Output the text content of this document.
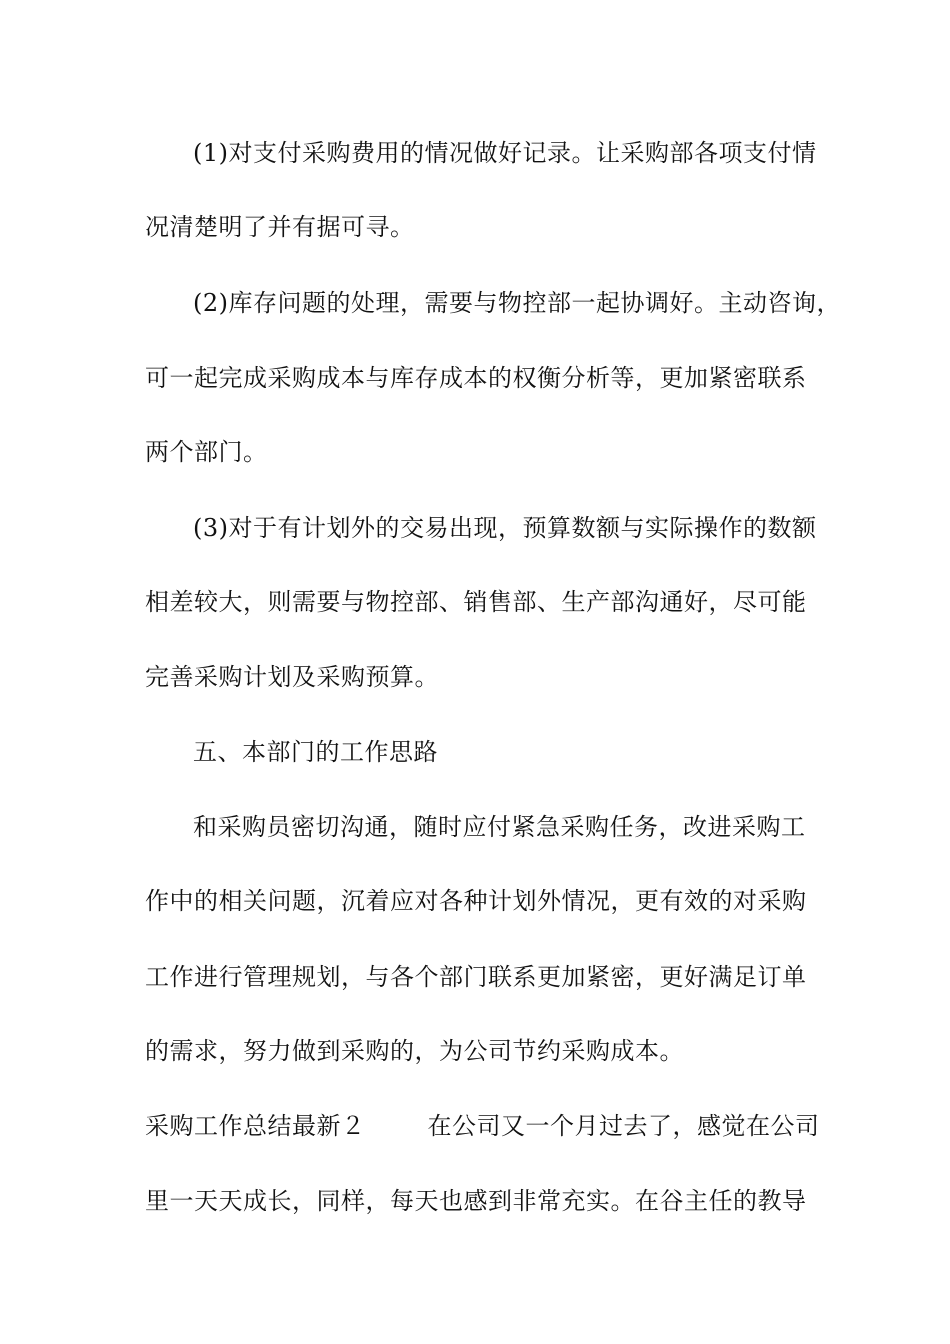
(1)对支付采购费用的情况做好记录。让采购部各项支付情
况清楚明了并有据可寻。
(2)库存问题的处理，需要与物控部一起协调好。主动咨询，
可一起完成采购成本与库存成本的权衡分析等，更加紧密联系
两个部门。
(3)对于有计划外的交易出现，预算数额与实际操作的数额
相差较大，则需要与物控部、销售部、生产部沟通好，尽可能
完善采购计划及采购预算。
五、本部门的工作思路
和采购员密切沟通，随时应付紧急采购任务，改进采购工
作中的相关问题，沉着应对各种计划外情况，更有效的对采购
工作进行管理规划，与各个部门联系更加紧密，更好满足订单
的需求，努力做到采购的，为公司节约采购成本。
采购工作总结最新２	在公司又一个月过去了，感觉在公司
里一天天成长，同样，每天也感到非常充实。在谷主任的教导
